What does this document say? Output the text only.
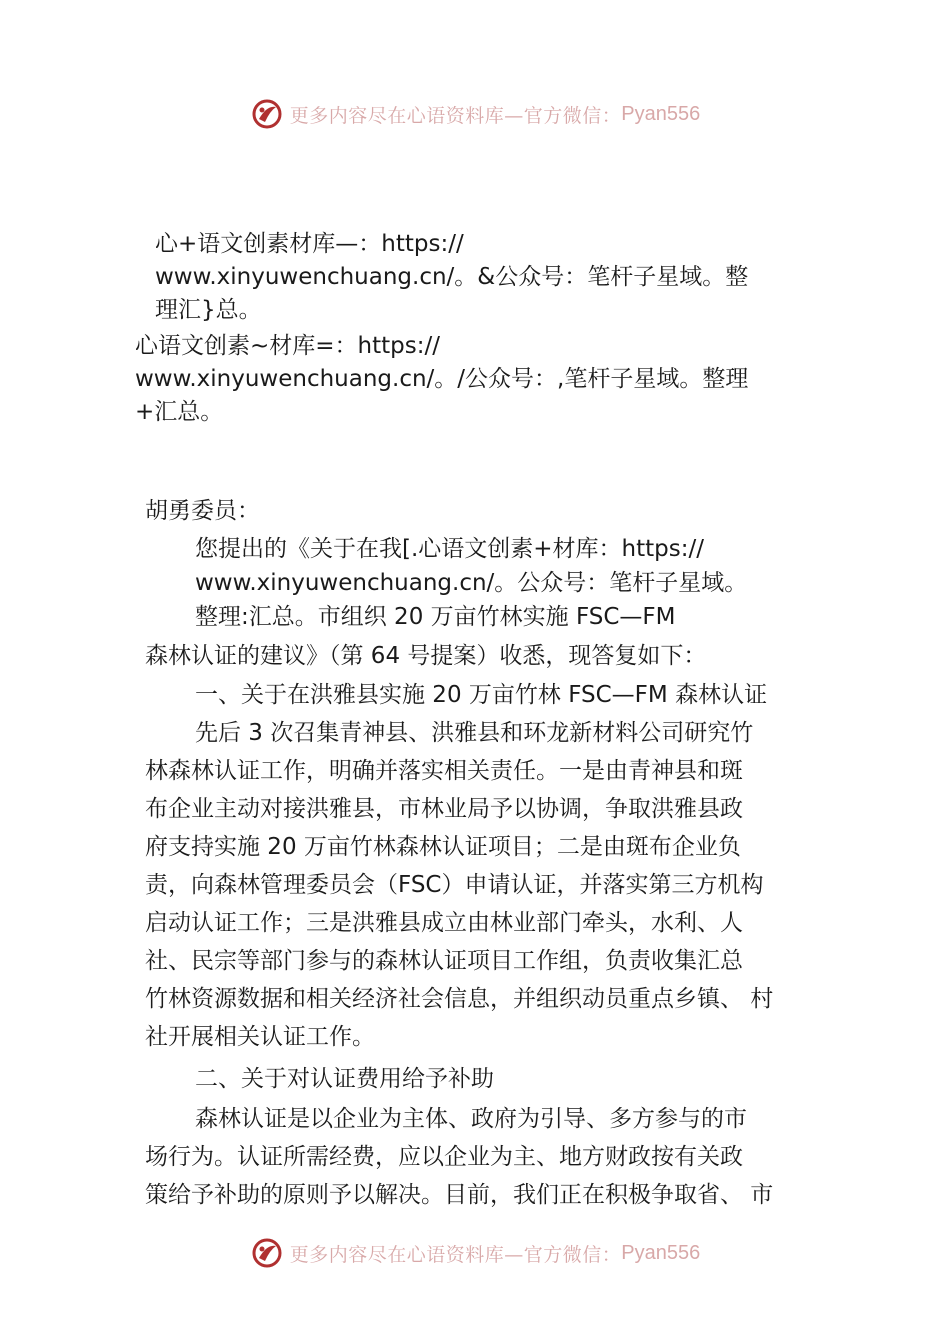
更多内容尽在心语资料库—官方微信： Pyan556
心+语文创素材库—：https://
www.xinyuwenchuang.cn/。&公众号：笔杆子星域。整
理汇}总。
心语文创素~材库=：https://
www.xinyuwenchuang.cn/。/公众号：,笔杆子星域。整理
+汇总。
胡勇委员：
您提出的《关于在我[.心语文创素+材库：https://
www.xinyuwenchuang.cn/。公众号：笔杆子星域。
整理:汇总。市组织 20 万亩竹林实施 FSC—FM
森林认证的建议》（第 64 号提案）收悉，现答复如下：
一、关于在洪雅县实施 20 万亩竹林 FSC—FM 森林认证
先后 3 次召集青神县、洪雅县和环龙新材料公司研究竹
林森林认证工作，明确并落实相关责任。一是由青神县和斑
布企业主动对接洪雅县，市林业局予以协调，争取洪雅县政
府支持实施 20 万亩竹林森林认证项目；二是由斑布企业负
责，向森林管理委员会（FSC）申请认证，并落实第三方机构
启动认证工作；三是洪雅县成立由林业部门牵头，水利、人
社、民宗等部门参与的森林认证项目工作组，负责收集汇总
竹林资源数据和相关经济社会信息，并组织动员重点乡镇、 村
社开展相关认证工作。
二、关于对认证费用给予补助
森林认证是以企业为主体、政府为引导、多方参与的市
场行为。认证所需经费，应以企业为主、地方财政按有关政
策给予补助的原则予以解决。目前，我们正在积极争取省、 市
更多内容尽在心语资料库—官方微信： Pyan556
